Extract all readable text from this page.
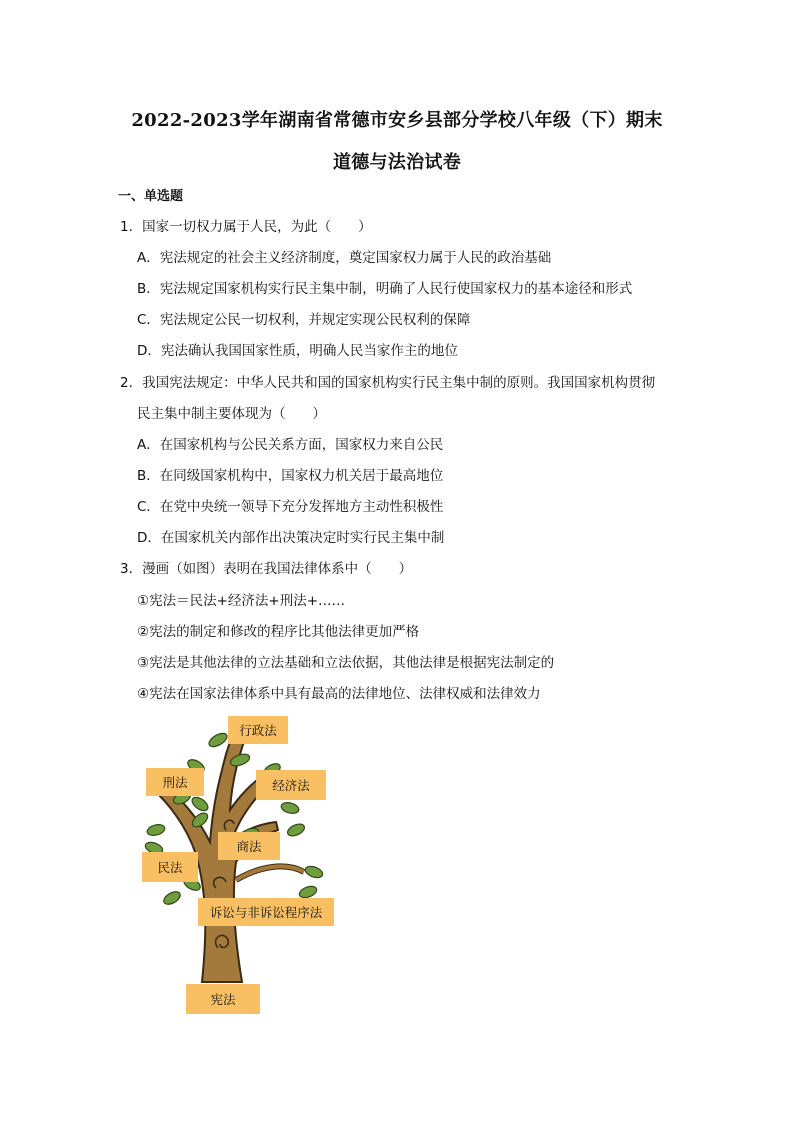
2022-2023学年湖南省常德市安乡县部分学校八年级（下）期末
道德与法治试卷
一、单选题
1．国家一切权力属于人民，为此（　　）
A．宪法规定的社会主义经济制度，奠定国家权力属于人民的政治基础
B．宪法规定国家机构实行民主集中制，明确了人民行使国家权力的基本途径和形式
C．宪法规定公民一切权利，并规定实现公民权利的保障
D．宪法确认我国国家性质，明确人民当家作主的地位
2．我国宪法规定：中华人民共和国的国家机构实行民主集中制的原则。我国国家机构贯彻
民主集中制主要体现为（　　）
A．在国家机构与公民关系方面，国家权力来自公民
B．在同级国家机构中，国家权力机关居于最高地位
C．在党中央统一领导下充分发挥地方主动性积极性
D．在国家机关内部作出决策决定时实行民主集中制
3．漫画（如图）表明在我国法律体系中（　　）
①宪法＝民法+经济法+刑法+……
②宪法的制定和修改的程序比其他法律更加严格
③宪法是其他法律的立法基础和立法依据，其他法律是根据宪法制定的
④宪法在国家法律体系中具有最高的法律地位、法律权威和法律效力
行政法
刑法	经济法
商法
民法
诉讼与非诉讼程序法
宪法
